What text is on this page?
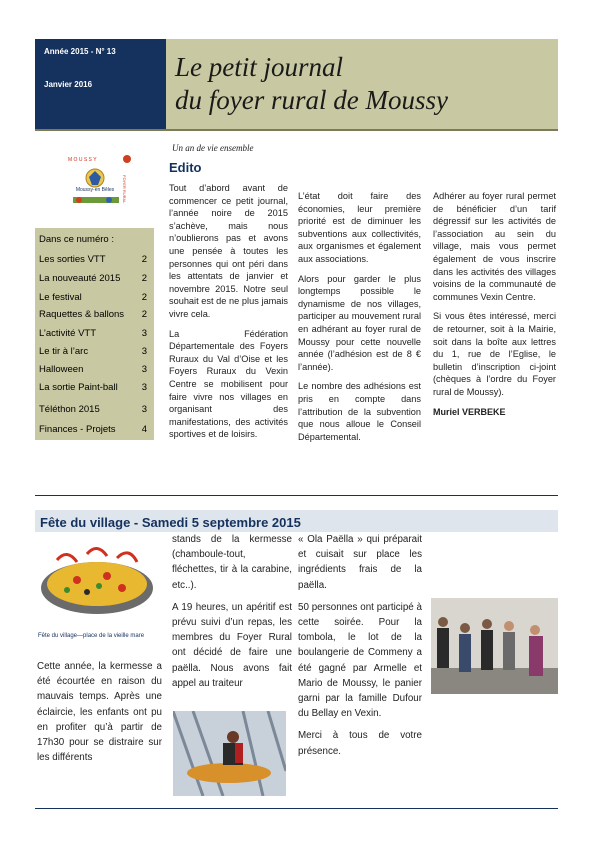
Année 2015 - N° 13
Janvier 2016
Le petit journal
du foyer rural de Moussy
Un an de vie ensemble
M O U S S Y
FOYER RURAL
Moussy-en Bêles
Dans ce numéro :
Les sorties VTT	2
La nouveauté 2015 2
Le festival	2
Raquettes & ballons 2
L’activité VTT	3
Le tir à l’arc	3
Halloween	3
La sortie Paint-ball	3
Téléthon 2015	3
Finances - Projets	4
Edito

Tout d’abord avant de commencer ce petit journal, l’année noire de 2015 s’achève, mais nous n’oublierons pas et avons une pensée à toutes les personnes qui ont péri dans les attentats de janvier et novembre 2015. Notre seul souhait est de ne plus jamais vivre cela.

La Fédération Départementale des Foyers Ruraux du Val d’Oise et les Foyers Ruraux du Vexin Centre se mobilisent pour faire vivre nos villages en organisant des manifestations, des activités sportives et de loisirs.

L’état doit faire des économies, leur première priorité est de diminuer les subventions aux collectivités, aux organismes et également aux associations.

Alors pour garder le plus longtemps possible le dynamisme de nos villages, participer au mouvement rural en adhérant au foyer rural de Moussy pour cette nouvelle année (l’adhésion est de 8 € l’année).

Le nombre des adhésions est pris en compte dans l’attribution de la subvention que nous alloue le Conseil Départemental.

Adhérer au foyer rural permet de bénéficier d’un tarif dégressif sur les activités de l’association au sein du village, mais vous permet également de vous inscrire dans les activités des villages voisins de la communauté de communes Vexin Centre.

Si vous êtes intéressé, merci de retourner, soit à la Mairie, soit dans la boîte aux lettres du 1, rue de l’Eglise, le bulletin d’inscription ci-joint (chèques à l’ordre du Foyer rural de Moussy).

Muriel VERBEKE
Fête du village - Samedi 5 septembre 2015
Fête du village—place de la vieille mare

Cette année, la kermesse a été écourtée en raison du mauvais temps. Après une éclaircie, les enfants ont pu en profiter qu’à partir de 17h30 pour se distraire sur les différents

stands de la kermesse (chamboule-tout, fléchettes, tir à la carabine, etc..).

A 19 heures, un apéritif est prévu suivi d’un repas, les membres du Foyer Rural ont décidé de faire une paëlla. Nous avons fait appel au traiteur

« Ola Paëlla » qui préparait et cuisait sur place les ingrédients frais de la paëlla.

50 personnes ont participé à cette soirée. Pour la tombola, le lot de la boulangerie de Commeny a été gagné par Armelle et Mario de Moussy, le panier garni par la famille Dufour du Bellay en Vexin.

Merci à tous de votre présence.
